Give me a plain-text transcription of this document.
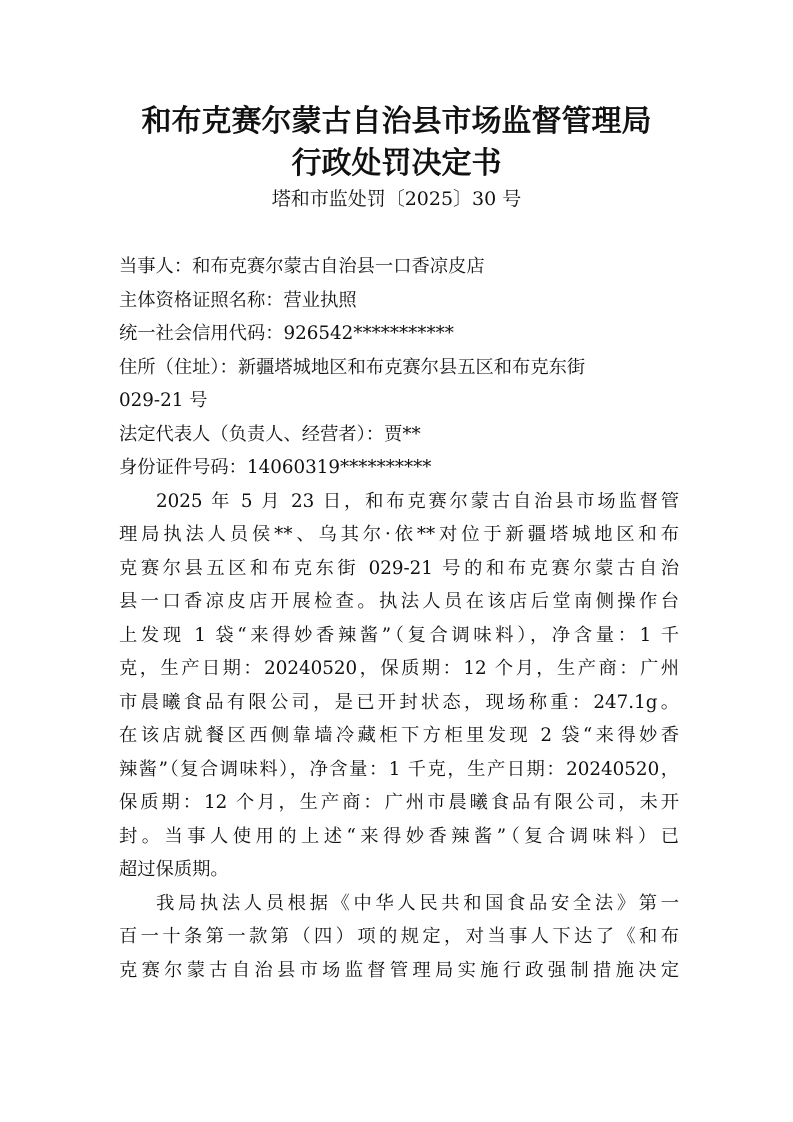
和布克赛尔蒙古自治县市场监督管理局
行政处罚决定书
塔和市监处罚〔2025〕30 号
当事人：和布克赛尔蒙古自治县一口香凉皮店
主体资格证照名称：营业执照
统一社会信用代码：926542***********
住所（住址）：新疆塔城地区和布克赛尔县五区和布克东街
029-21 号
法定代表人（负责人、经营者）：贾**
身份证件号码：14060319**********
2025 年 5 月 23 日，和布克赛尔蒙古自治县市场监督管
理局执法人员侯**、乌其尔·依**对位于新疆塔城地区和布
克赛尔县五区和布克东街 029-21 号的和布克赛尔蒙古自治
县一口香凉皮店开展检查。执法人员在该店后堂南侧操作台
上发现 1 袋“来得妙香辣酱”（复合调味料），净含量：1 千
克，生产日期：20240520，保质期：12 个月，生产商：广州
市晨曦食品有限公司，是已开封状态，现场称重：247.1g。
在该店就餐区西侧靠墙冷藏柜下方柜里发现 2 袋“来得妙香
辣酱”（复合调味料），净含量：1 千克，生产日期：20240520，
保质期：12 个月，生产商：广州市晨曦食品有限公司，未开
封。当事人使用的上述“来得妙香辣酱”（复合调味料）已
超过保质期。
我局执法人员根据《中华人民共和国食品安全法》第一
百一十条第一款第（四）项的规定，对当事人下达了《和布
克赛尔蒙古自治县市场监督管理局实施行政强制措施决定
